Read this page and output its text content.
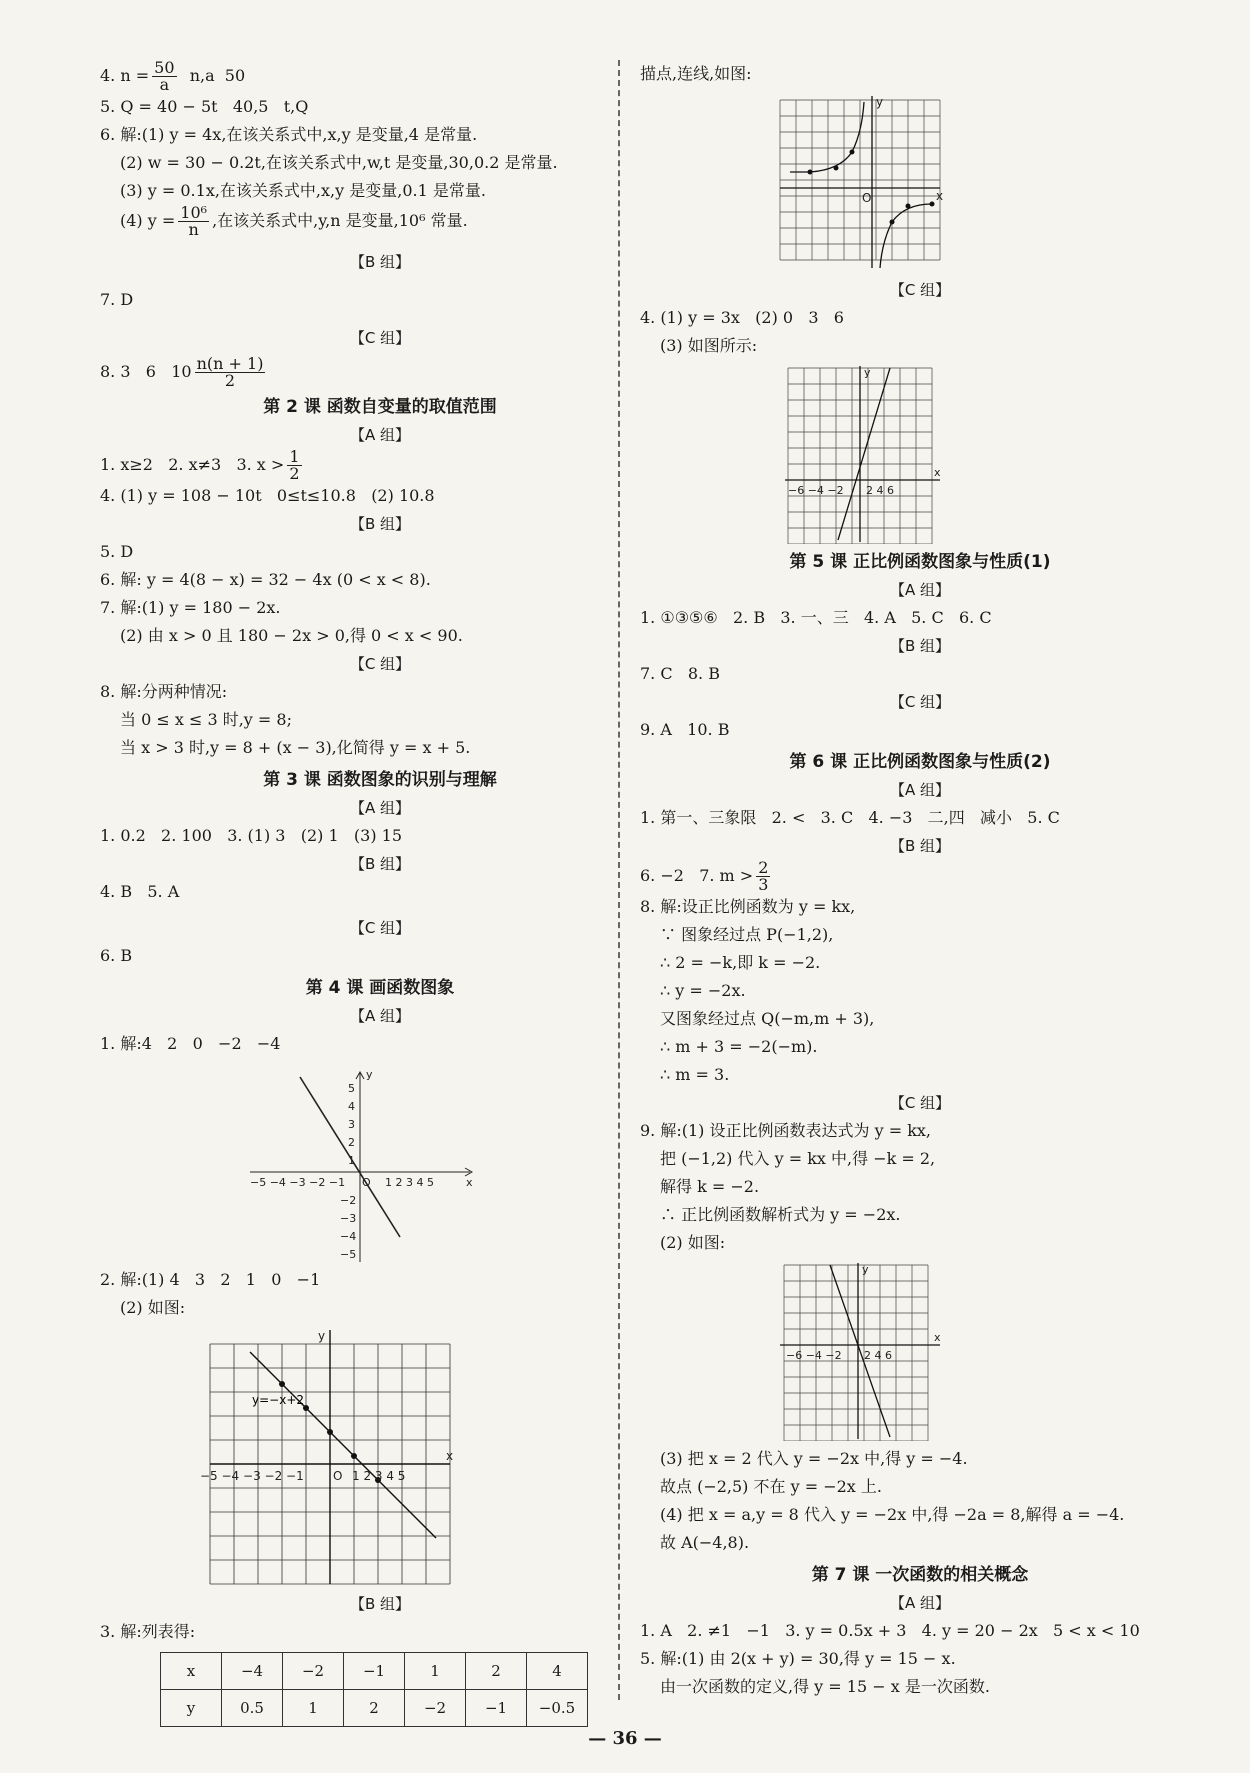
4. $n = \frac{50}{a} n,a$  50
5. Q = 40 − 5t   40,5   t,Q
6. 解:(1) y = 4x,在该关系式中,x,y 是变量,4 是常量.
(2) w = 30 − 0.2t,在该关系式中,w,t 是变量,30,0.2 是常量.
(3) y = 0.1x,在该关系式中,x,y 是变量,0.1 是常量.
(4) $y = \frac{\text{10⁶}}{n}$ ,在该关系式中,y,n 是变量,10⁶ 常量.
【B 组】
7. D
【C 组】
8. 3   6   $10 \frac{n(n + 1)}{2}$
第 2 课 函数自变量的取值范围
【A 组】
1. x≥2   2. x≠3   3. $x > \frac{1}{2}$
4. (1) y = 108 − 10t   0≤t≤10.8   (2) 10.8
【B 组】
5. D
6. 解: y = 4(8 − x) = 32 − 4x (0 < x < 8).
7. 解:(1) y = 180 − 2x.
(2) 由 x > 0 且 180 − 2x > 0,得 0 < x < 90.
【C 组】
8. 解:分两种情况:
当 0 ≤ x ≤ 3 时,y = 8;
当 x > 3 时,y = 8 + (x − 3),化简得 y = x + 5.
第 3 课 函数图象的识别与理解
【A 组】
1. 0.2   2. 100   3. (1) 3   (2) 1   (3) 15
【B 组】
4. B   5. A
【C 组】
6. B
第 4 课 画函数图象
【A 组】
1. 解:4   2   0   −2   −4
−5 −4 −3 −2 −1 O 1 2 3 4 5	x
y
5
4
3
2
1
−2
−3
−4
−5
2. 解:(1) 4   3   2   1   0   −1
(2) 如图:
y=−x+2
−5 −4 −3 −2 −1 O 1 2 3 4 5
x
y
【B 组】
3. 解:列表得:
x	−4	−2	−1	1	2	4
y	0.5	1	2	−2	−1	−0.5
描点,连线,如图:
O	x
y
【C 组】
4. (1) y = 3x   (2) 0   3   6
(3) 如图所示:
−6 −4 −2 2 4 6
x
y
第 5 课 正比例函数图象与性质(1)
【A 组】
1. ①③⑤⑥   2. B   3. 一、三   4. A   5. C   6. C
【B 组】
7. C   8. B
【C 组】
9. A   10. B
第 6 课 正比例函数图象与性质(2)
【A 组】
1. 第一、三象限   2. <   3. C   4. −3   二,四   减小   5. C
【B 组】
6. −2   7. $m > \frac{2}{3}$
8. 解:设正比例函数为 y = kx,
∵ 图象经过点 P(−1,2),
∴ 2 = −k,即 k = −2.
∴ y = −2x.
又图象经过点 Q(−m,m + 3),
∴ m + 3 = −2(−m).
∴ m = 3.
【C 组】
9. 解:(1) 设正比例函数表达式为 y = kx,
把 (−1,2) 代入 y = kx 中,得 −k = 2,
解得 k = −2.
∴ 正比例函数解析式为 y = −2x.
(2) 如图:
−6 −4 −2 2 4 6
x
y
(3) 把 x = 2 代入 y = −2x 中,得 y = −4.
故点 (−2,5) 不在 y = −2x 上.
(4) 把 x = a,y = 8 代入 y = −2x 中,得 −2a = 8,解得 a = −4.
故 A(−4,8).
第 7 课 一次函数的相关概念
【A 组】
1. A   2. ≠1   −1   3. y = 0.5x + 3   4. y = 20 − 2x   5 < x < 10
5. 解:(1) 由 2(x + y) = 30,得 y = 15 − x.
由一次函数的定义,得 y = 15 − x 是一次函数.
— 36 —
